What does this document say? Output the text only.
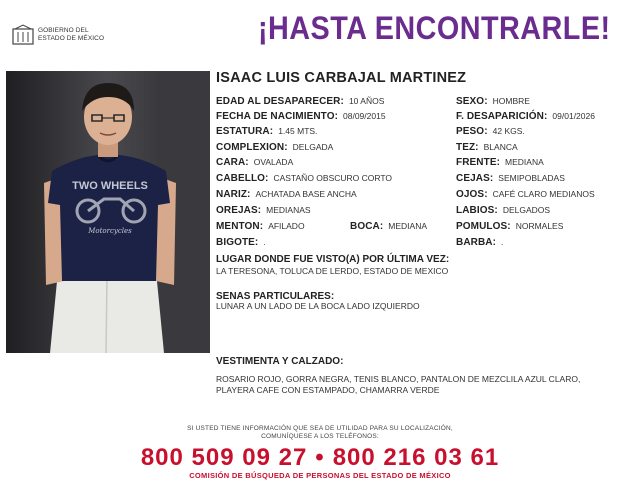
GOBIERNO DEL
ESTADO DE MÉXICO	¡HASTA ENCONTRARLE!
TWO WHEELS
Motorcycles
ISAAC LUIS CARBAJAL MARTINEZ
EDAD AL DESAPARECER: 10 AÑOS	SEXO: HOMBRE
FECHA DE NACIMIENTO: 08/09/2015	F. DESAPARICIÓN: 09/01/2026
ESTATURA: 1.45 MTS.	PESO: 42 KGS.
COMPLEXION: DELGADA	TEZ: BLANCA
CARA: OVALADA	FRENTE: MEDIANA
CABELLO: CASTAÑO OBSCURO CORTO	CEJAS: SEMIPOBLADAS
NARIZ: ACHATADA BASE ANCHA	OJOS: CAFÉ CLARO MEDIANOS
OREJAS: MEDIANAS	LABIOS: DELGADOS
MENTON: AFILADO	BOCA: MEDIANA	POMULOS: NORMALES
BIGOTE: .	BARBA: .
LUGAR DONDE FUE VISTO(A) POR ÚLTIMA VEZ:
LA TERESONA, TOLUCA DE LERDO, ESTADO DE MEXICO
SENAS PARTICULARES:
LUNAR A UN LADO DE LA BOCA LADO IZQUIERDO
VESTIMENTA Y CALZADO:
ROSARIO ROJO, GORRA NEGRA, TENIS BLANCO, PANTALON DE MEZCLILA AZUL CLARO, PLAYERA CAFE CON ESTAMPADO, CHAMARRA VERDE
SI USTED TIENE INFORMACIÓN QUE SEA DE UTILIDAD PARA SU LOCALIZACIÓN,
COMUNÍQUESE A LOS TELÉFONOS:
800 509 09 27 • 800 216 03 61
COMISIÓN DE BÚSQUEDA DE PERSONAS DEL ESTADO DE MÉXICO
